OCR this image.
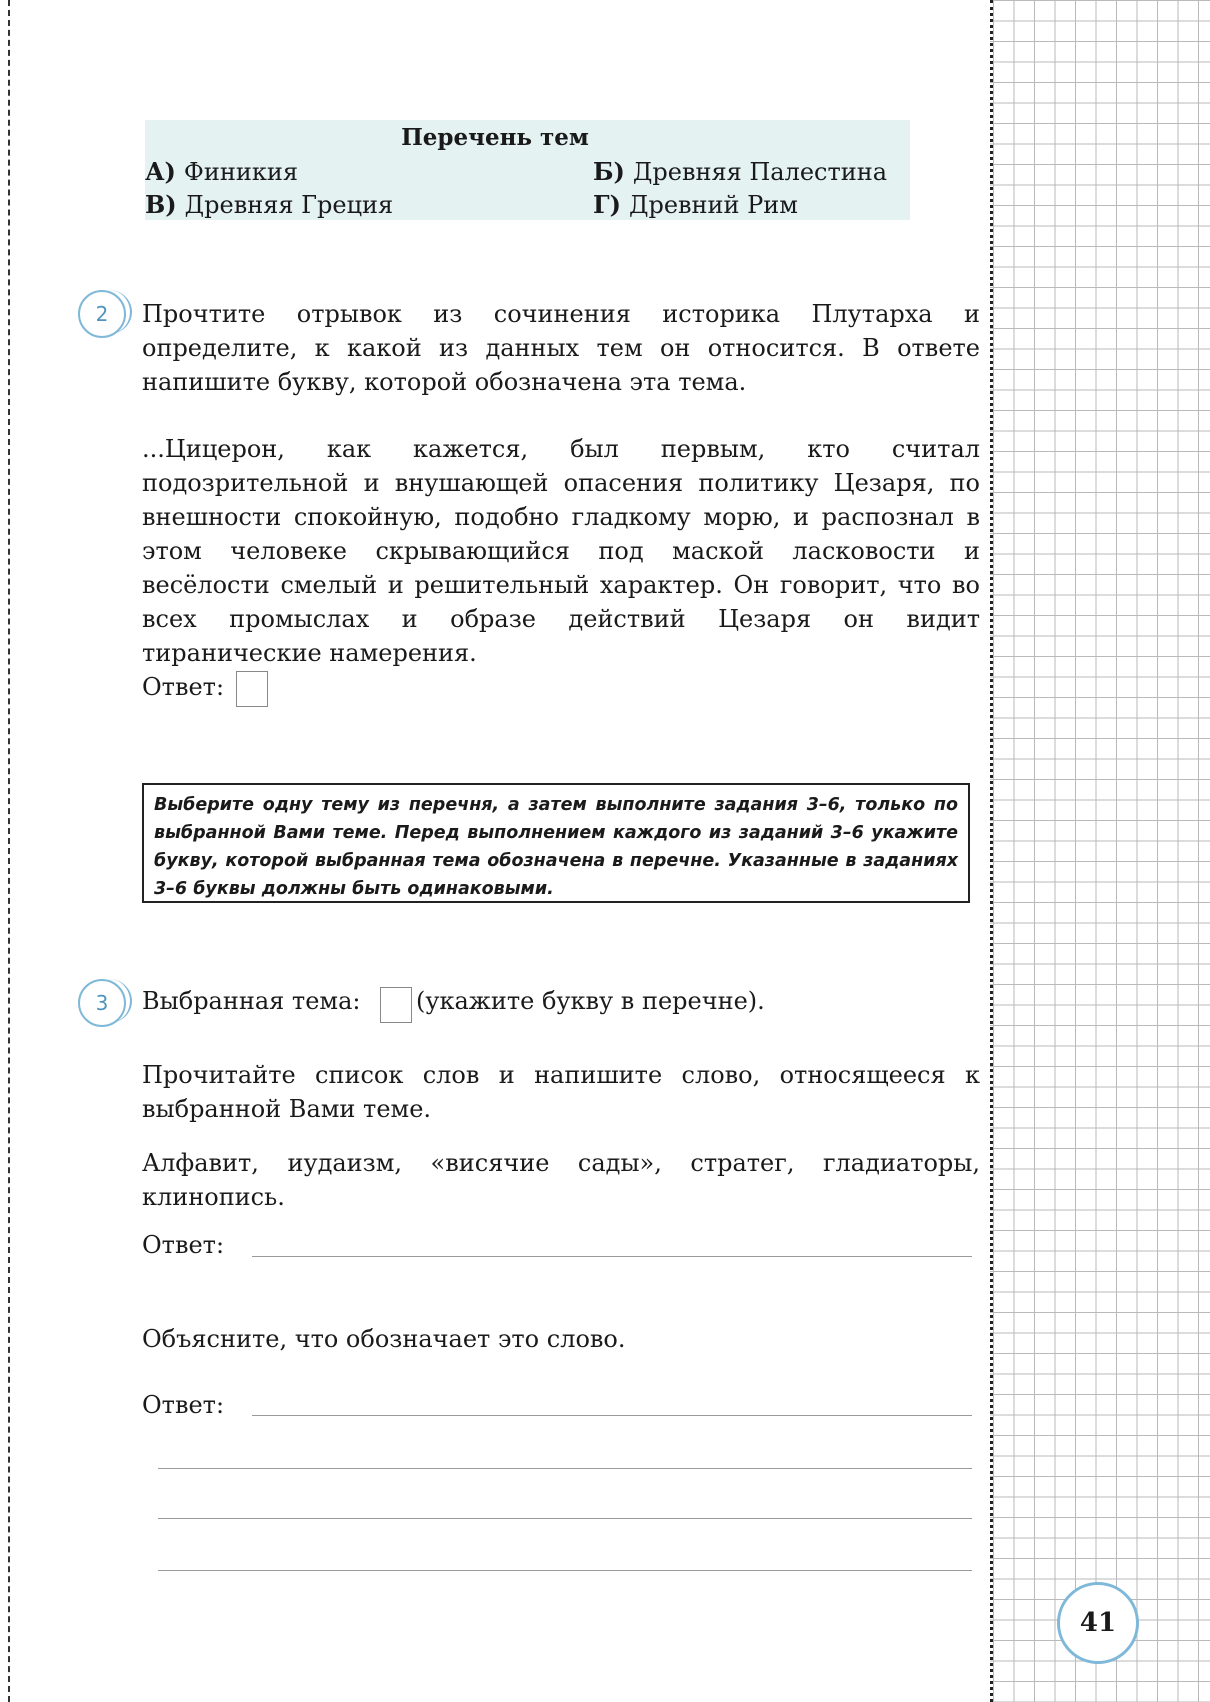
Перечень тем
А) Финикия	Б) Древняя Палестина
В) Древняя Греция	Г) Древний Рим
2	Прочтите отрывок из сочинения историка Плутарха и определите, к какой из данных тем он относится. В ответе напишите букву, которой обозначена эта тема.
...Цицерон, как кажется, был первым, кто считал подозрительной и внушающей опасения политику Цезаря, по внешности спокойную, подобно гладкому морю, и распознал в этом человеке скрывающийся под маской ласковости и весёлости смелый и решительный характер. Он говорит, что во всех промыслах и образе действий Цезаря он видит тиранические намерения.
Ответ:
Выберите одну тему из перечня, а затем выполните задания 3–6, только по выбранной Вами теме. Перед выполнением каждого из заданий 3–6 укажите букву, которой выбранная тема обозначена в перечне. Указанные в заданиях 3–6 буквы должны быть одинаковыми.
3	Выбранная тема: (укажите букву в перечне).
Прочитайте список слов и напишите слово, относящееся к выбранной Вами теме.
Алфавит, иудаизм, «висячие сады», стратег, гладиаторы, клинопись.
Ответ:
Объясните, что обозначает это слово.
Ответ:
41
